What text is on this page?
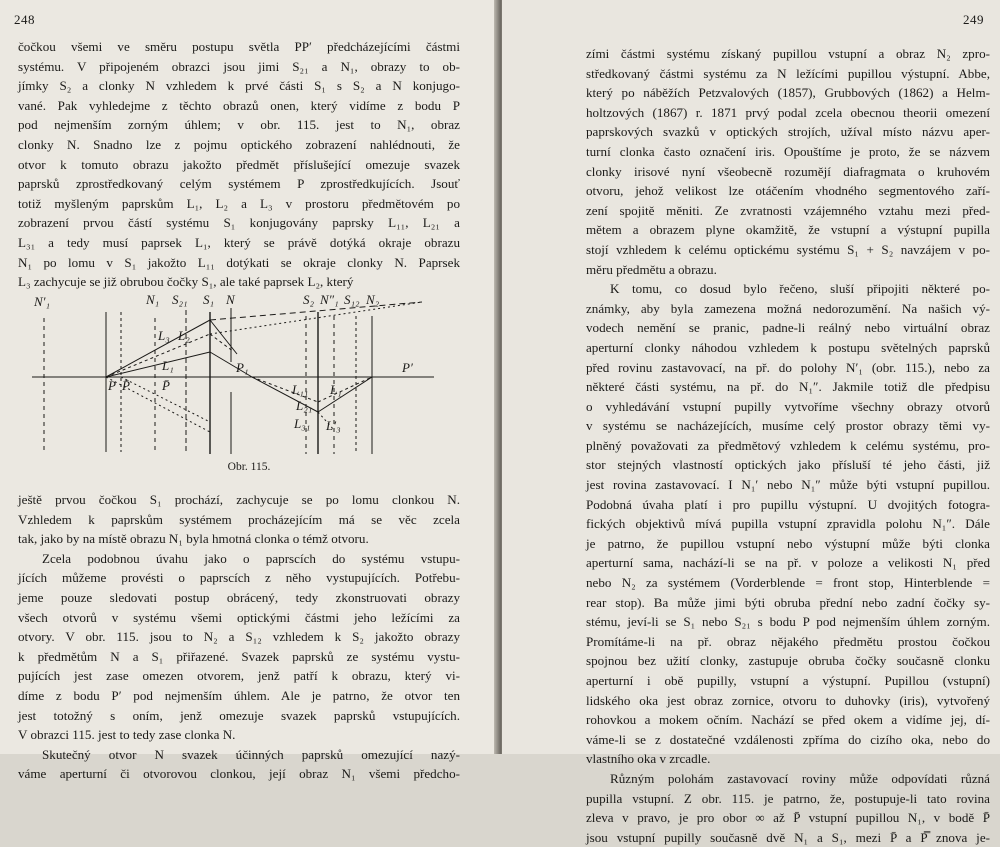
248
čočkou všemi ve směru postupu světla PP′ předcházejícími částmi
systému. V připojeném obrazci jsou jimi S₂₁ a N₁, obrazy to ob-
jímky S₂ a clonky N vzhledem k prvé části S₁ s S₂ a N konjugo-
vané. Pak vyhledejme z těchto obrazů onen, který vidíme z bodu P
pod nejmenším zorným úhlem; v obr. 115. jest to N₁, obraz
clonky N. Snadno lze z pojmu optického zobrazení nahlédnouti, že
otvor k tomuto obrazu jakožto předmět příslušející omezuje svazek
paprsků zprostředkovaný celým systémem P zprostředkujících. Jsouť
totiž myšleným paprskům L₁, L₂ a L₃ v prostoru předmětovém po
zobrazení prvou částí systému S₁ konjugovány paprsky L₁₁, L₂₁ a
L₃₁ a tedy musí paprsek L₁, který se právě dotýká okraje obrazu
N₁ po lomu v S₁ jakožto L₁₁ dotýkati se okraje clonky N. Paprsek
L₃ zachycuje se již obrubou čočky S₁, ale také paprsek L₂, který
N′₁	N₁ S₂₁ S₁ N	S₂ N″₁ S₁₂ N₂
L₃ L₂
L₁
P P̄ P̄
P₁	P′
L₁₁ L₁
L₂₁
L₃₁ L′₃
Obr. 115.
ještě prvou čočkou S₁ prochází, zachycuje se po lomu clonkou N.
Vzhledem k paprskům systémem procházejícím má se věc zcela
tak, jako by na místě obrazu N₁ byla hmotná clonka o témž otvoru.
Zcela podobnou úvahu jako o paprscích do systému vstupu-
jících můžeme provésti o paprscích z něho vystupujících. Potřebu-
jeme pouze sledovati postup obrácený, tedy zkonstruovati obrazy
všech otvorů v systému všemi optickými částmi jeho ležícími za
otvory. V obr. 115. jsou to N₂ a S₁₂ vzhledem k S₂ jakožto obrazy
k předmětům N a S₁ přiřazené. Svazek paprsků ze systému vystu-
pujících jest zase omezen otvorem, jenž patří k obrazu, který vi-
díme z bodu P′ pod nejmenším úhlem. Ale je patrno, že otvor ten
jest totožný s oním, jenž omezuje svazek paprsků vstupujících.
V obrazci 115. jest to tedy zase clonka N.
Skutečný otvor N svazek účinných paprsků omezující nazý-
váme aperturní či otvorovou clonkou, její obraz N₁ všemi předcho-
249
zími částmi systému získaný pupillou vstupní a obraz N₂ zpro-
středkovaný částmi systému za N ležícími pupillou výstupní. Abbe,
který po náběžích Petzvalových (1857), Grubbových (1862) a Helm-
holtzových (1867) r. 1871 prvý podal zcela obecnou theorii omezení
paprskových svazků v optických strojích, užíval místo názvu aper-
turní clonka často označení iris. Opouštíme je proto, že se názvem
clonky irisové nyní všeobecně rozumějí diafragmata o kruhovém
otvoru, jehož velikost lze otáčením vhodného segmentového zaří-
zení spojitě měniti. Ze zvratnosti vzájemného vztahu mezi před-
mětem a obrazem plyne okamžitě, že vstupní a výstupní pupilla
stojí vzhledem k celému optickému systému S₁ + S₂ navzájem v po-
měru předmětu a obrazu.
K tomu, co dosud bylo řečeno, sluší připojiti některé po-
známky, aby byla zamezena možná nedorozumění. Na našich vý-
vodech nemění se pranic, padne-li reálný nebo virtuální obraz
aperturní clonky náhodou vzhledem k postupu světelných paprsků
před rovinu zastavovací, na př. do polohy N′₁ (obr. 115.), nebo za
některé části systému, na př. do N₁″. Jakmile totiž dle předpisu
o vyhledávání vstupní pupilly vytvoříme všechny obrazy otvorů
v systému se nacházejících, musíme celý prostor obrazy těmi vy-
plněný považovati za předmětový vzhledem k celému systému, pro-
stor stejných vlastností optických jako přísluší té jeho části, již
jest rovina zastavovací. I N₁′ nebo N₁″ může býti vstupní pupillou.
Podobná úvaha platí i pro pupillu výstupní. U dvojitých fotogra-
fických objektivů mívá pupilla vstupní zpravidla polohu N₁″. Dále
je patrno, že pupillou vstupní nebo výstupní může býti clonka
aperturní sama, nachází-li se na př. v poloze a velikosti N₁ před
nebo N₂ za systémem (Vorderblende = front stop, Hinterblende =
rear stop). Ba může jimi býti obruba přední nebo zadní čočky sy-
stému, jeví-li se S₁ nebo S₂₁ s bodu P pod nejmenším úhlem zorným.
Promítáme-li na př. obraz nějakého předmětu prostou čočkou
spojnou bez užití clonky, zastupuje obruba čočky současně clonku
aperturní i obě pupilly, vstupní a výstupní. Pupillou (vstupní)
lidského oka jest obraz zornice, otvoru to duhovky (iris), vytvořený
rohovkou a mokem očním. Nachází se před okem a vidíme jej, dí-
váme-li se z dostatečné vzdálenosti zpříma do cizího oka, nebo do
vlastního oka v zrcadle.
Různým polohám zastavovací roviny může odpovídati různá
pupilla vstupní. Z obr. 115. je patrno, že, postupuje-li tato rovina
zleva v pravo, je pro obor ∞ až P̄ vstupní pupillou N₁, v bodě P̄
jsou vstupní pupilly současně dvě N₁ a S₁, mezi P̄ a P̿ znova je-
